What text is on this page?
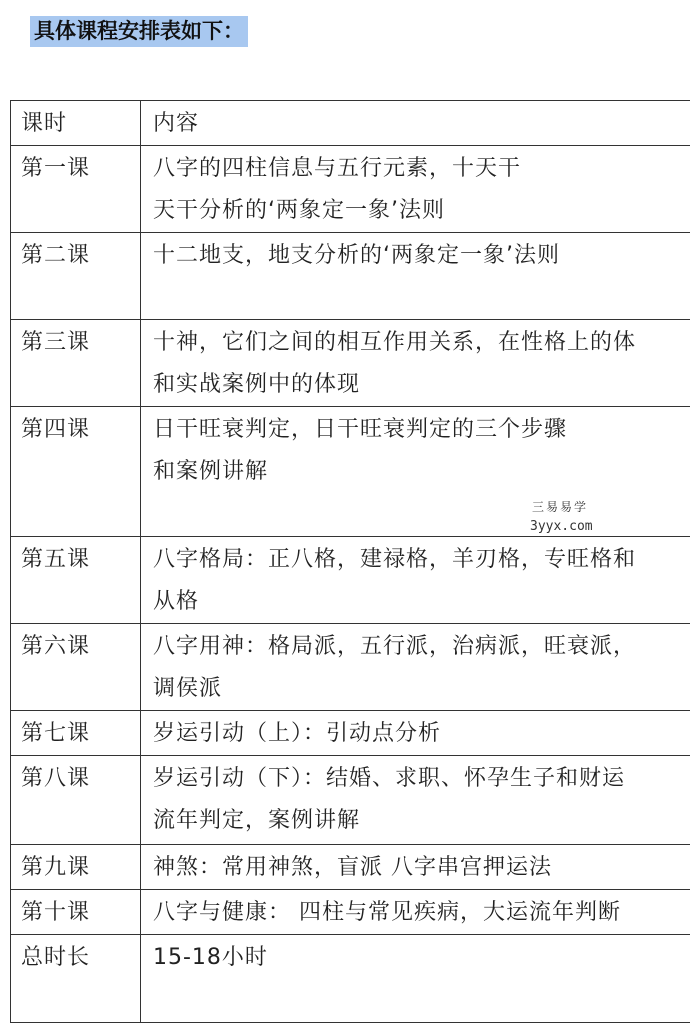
具体课程安排表如下：
课时	内容
第一课	八字的四柱信息与五行元素，十天干
天干分析的‘两象定一象’法则

第二课	十二地支，地支分析的‘两象定一象’法则

第三课	十神，它们之间的相互作用关系，在性格上的体
和实战案例中的体现

第四课	日干旺衰判定，日干旺衰判定的三个步骤
和案例讲解

第五课	八字格局：正八格，建禄格，羊刃格，专旺格和
从格

第六课	八字用神：格局派，五行派，治病派，旺衰派，
调侯派

第七课	岁运引动（上）：引动点分析

第八课	岁运引动（下）：结婚、求职、怀孕生子和财运
流年判定，案例讲解

第九课	神煞：常用神煞，盲派 八字串宫押运法

第十课	八字与健康： 四柱与常见疾病，大运流年判断

总时长	15-18小时
三易易学
3yyx.com
